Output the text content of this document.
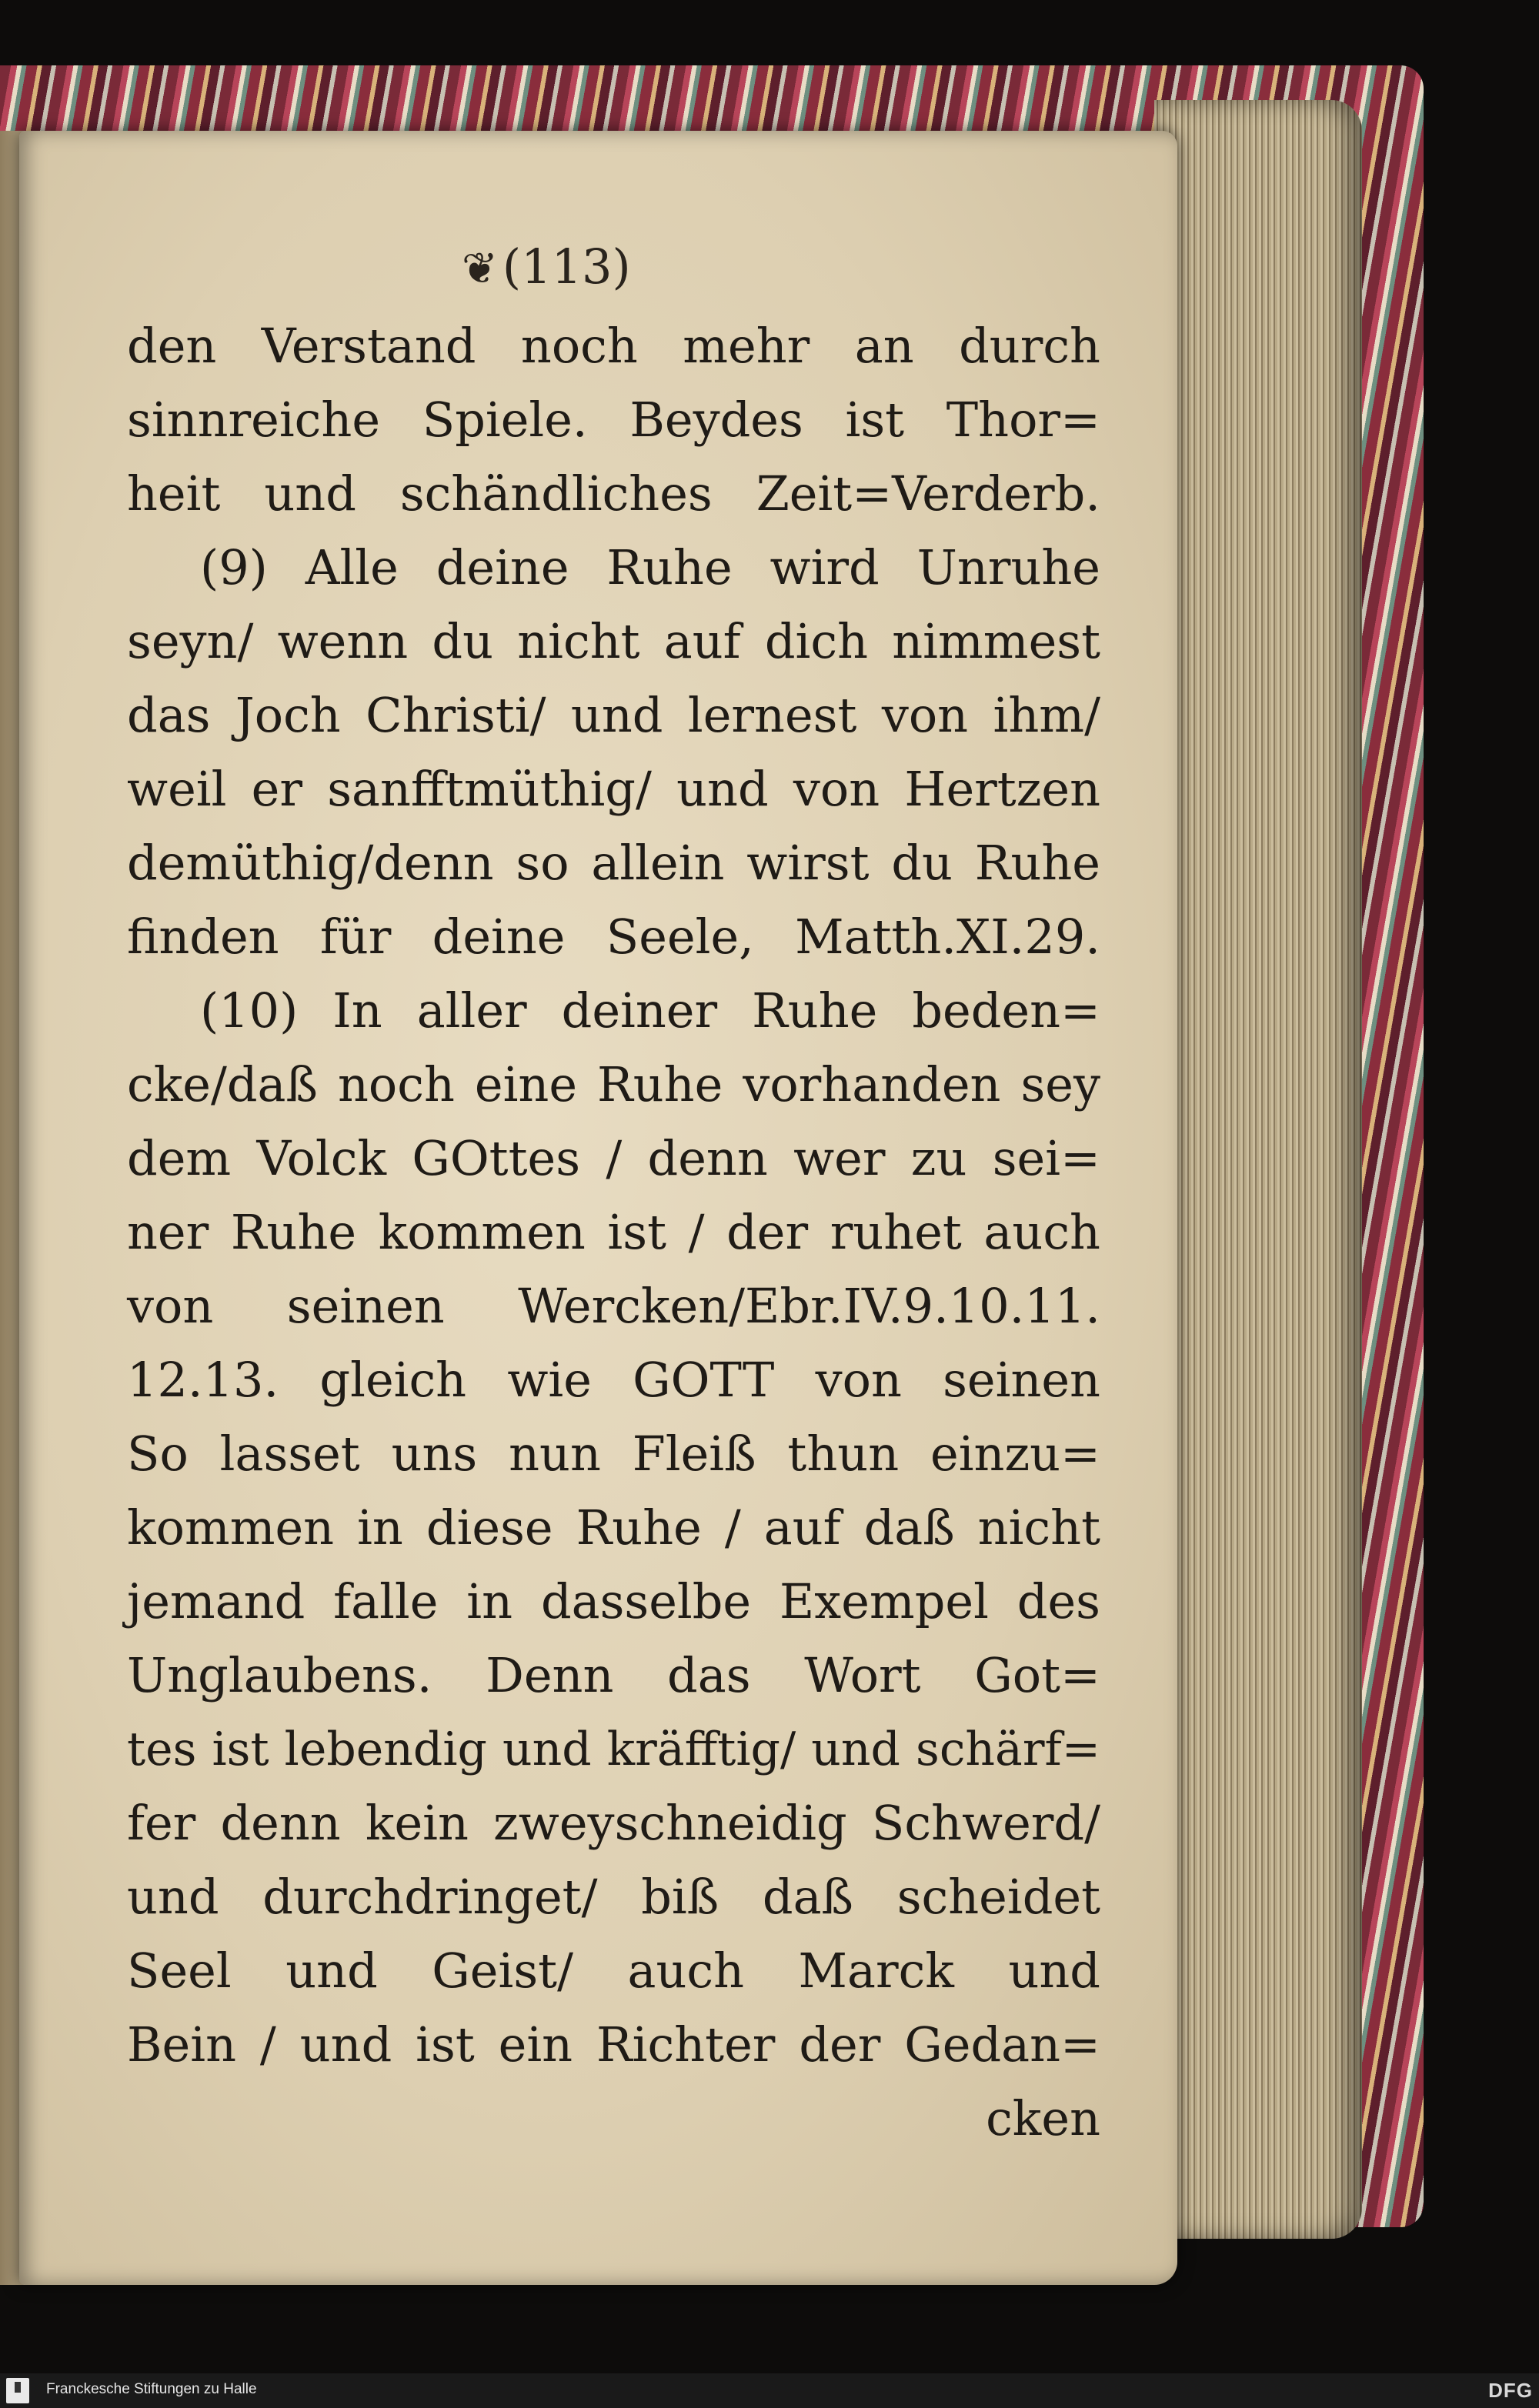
❦(113)
den Verstand noch mehr an durch
sinnreiche Spiele. Beydes ist Thor=
heit und schändliches Zeit=Verderb.
(9) Alle deine Ruhe wird Unruhe
seyn/ wenn du nicht auf dich nimmest
das Joch Christi/ und lernest von ihm/
weil er sanfftmüthig/ und von Hertzen
demüthig/denn so allein wirst du Ruhe
finden für deine Seele, Matth.XI.29.
(10) In aller deiner Ruhe beden=
cke/daß noch eine Ruhe vorhanden sey
dem Volck GOttes / denn wer zu sei=
ner Ruhe kommen ist / der ruhet auch
von seinen Wercken/Ebr.IV.9.10.11.
12.13. gleich wie GOTT von seinen
So lasset uns nun Fleiß thun einzu=
kommen in diese Ruhe / auf daß nicht
jemand falle in dasselbe Exempel des
Unglaubens. Denn das Wort Got=
tes ist lebendig und kräfftig/ und schärf=
fer denn kein zweyschneidig Schwerd/
und durchdringet/ biß daß scheidet
Seel und Geist/ auch Marck und
Bein / und ist ein Richter der Gedan=
cken
Franckesche Stiftungen zu Halle	DFG
